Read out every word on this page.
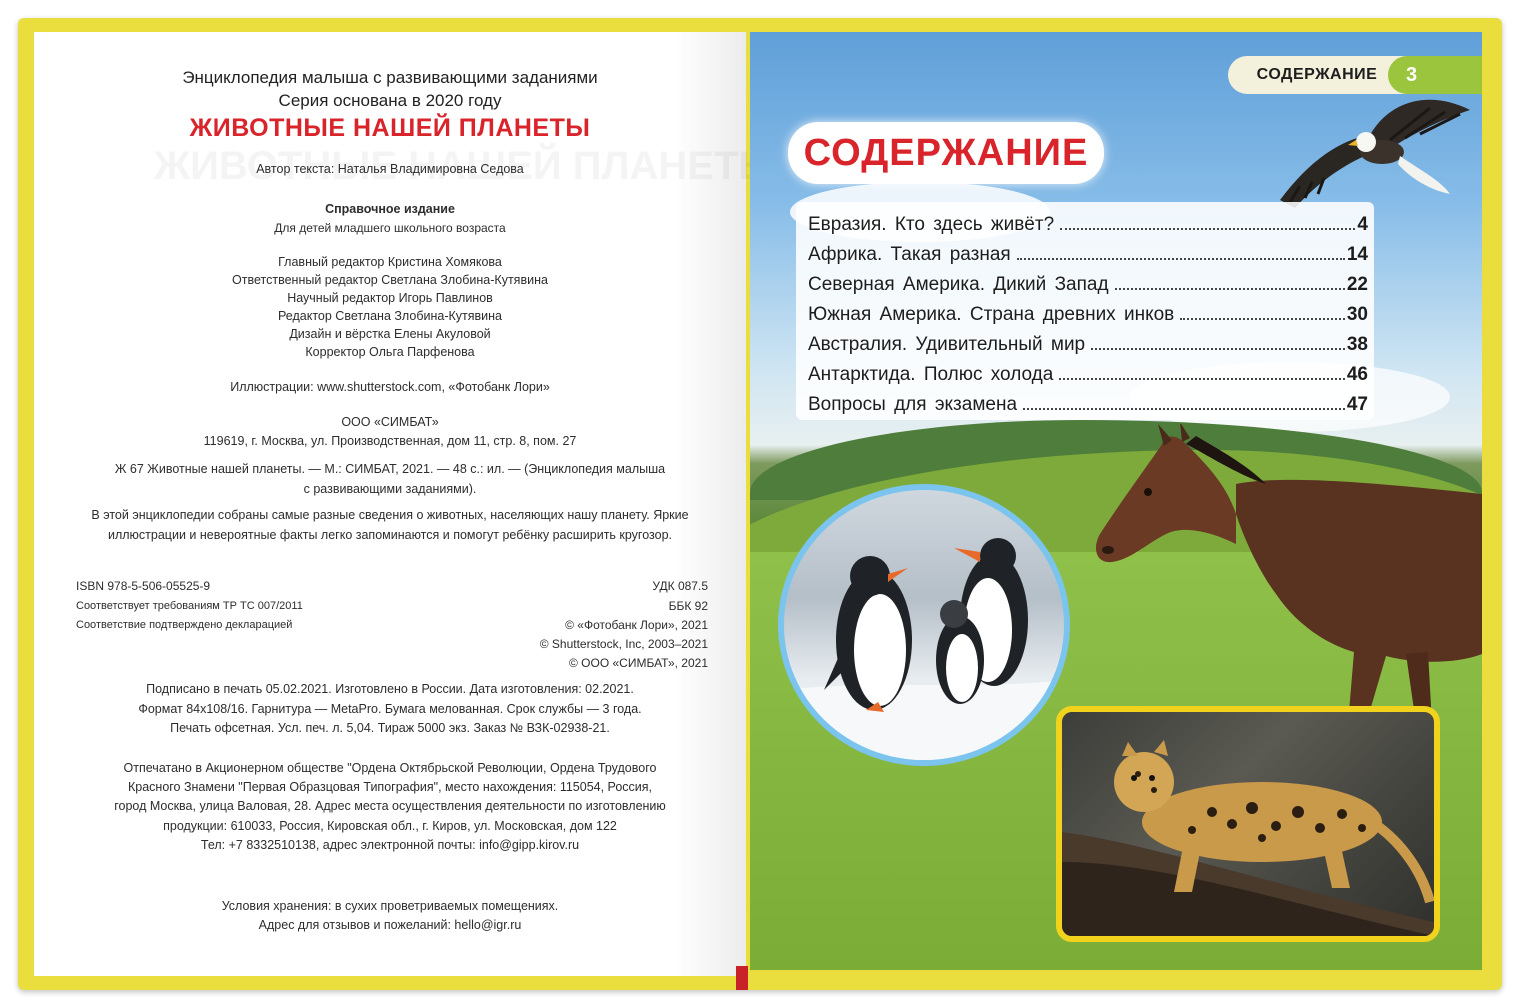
Энциклопедия малыша с развивающими заданиями
Серия основана в 2020 году
ЖИВОТНЫЕ НАШЕЙ ПЛАНЕТЫ
Автор текста: Наталья Владимировна Седова
Справочное издание
Для детей младшего школьного возраста
Главный редактор Кристина Хомякова
Ответственный редактор Светлана Злобина-Кутявина
Научный редактор Игорь Павлинов
Редактор Светлана Злобина-Кутявина
Дизайн и вёрстка Елены Акуловой
Корректор Ольга Парфенова
Иллюстрации: www.shutterstock.com, «Фотобанк Лори»
ООО «СИМБАТ»
119619, г. Москва, ул. Производственная, дом 11, стр. 8, пом. 27
Ж 67 Животные нашей планеты. — М.: СИМБАТ, 2021. — 48 с.: ил. — (Энциклопедия малыша
с развивающими заданиями).
В этой энциклопедии собраны самые разные сведения о животных, населяющих нашу планету. Яркие
иллюстрации и невероятные факты легко запоминаются и помогут ребёнку расширить кругозор.
ISBN 978-5-506-05525-9
Соответствует требованиям ТР ТС 007/2011
Соответствие подтверждено декларацией
УДК 087.5
ББК 92
© «Фотобанк Лори», 2021
© Shutterstock, Inc, 2003–2021
© ООО «СИМБАТ», 2021
Подписано в печать 05.02.2021. Изготовлено в России. Дата изготовления: 02.2021.
Формат 84x108/16. Гарнитура — MetaPro. Бумага мелованная. Срок службы — 3 года.
Печать офсетная. Усл. печ. л. 5,04. Тираж 5000 экз. Заказ № ВЗК-02938-21.
Отпечатано в Акционерном обществе "Ордена Октябрьской Революции, Ордена Трудового
Красного Знамени "Первая Образцовая Типография", место нахождения: 115054, Россия,
город Москва, улица Валовая, 28. Адрес места осуществления деятельности по изготовлению
продукции: 610033, Россия, Кировская обл., г. Киров, ул. Московская, дом 122
Тел: +7 8332510138, адрес электронной почты: info@gipp.kirov.ru
Условия хранения: в сухих проветриваемых помещениях.
Адрес для отзывов и пожеланий: hello@igr.ru
СОДЕРЖАНИЕ	3
СОДЕРЖАНИЕ
Евразия. Кто здесь живёт?	4
Африка. Такая разная	14
Северная Америка. Дикий Запад	22
Южная Америка. Страна древних инков	30
Австралия. Удивительный мир	38
Антарктида. Полюс холода	46
Вопросы для экзамена	47
